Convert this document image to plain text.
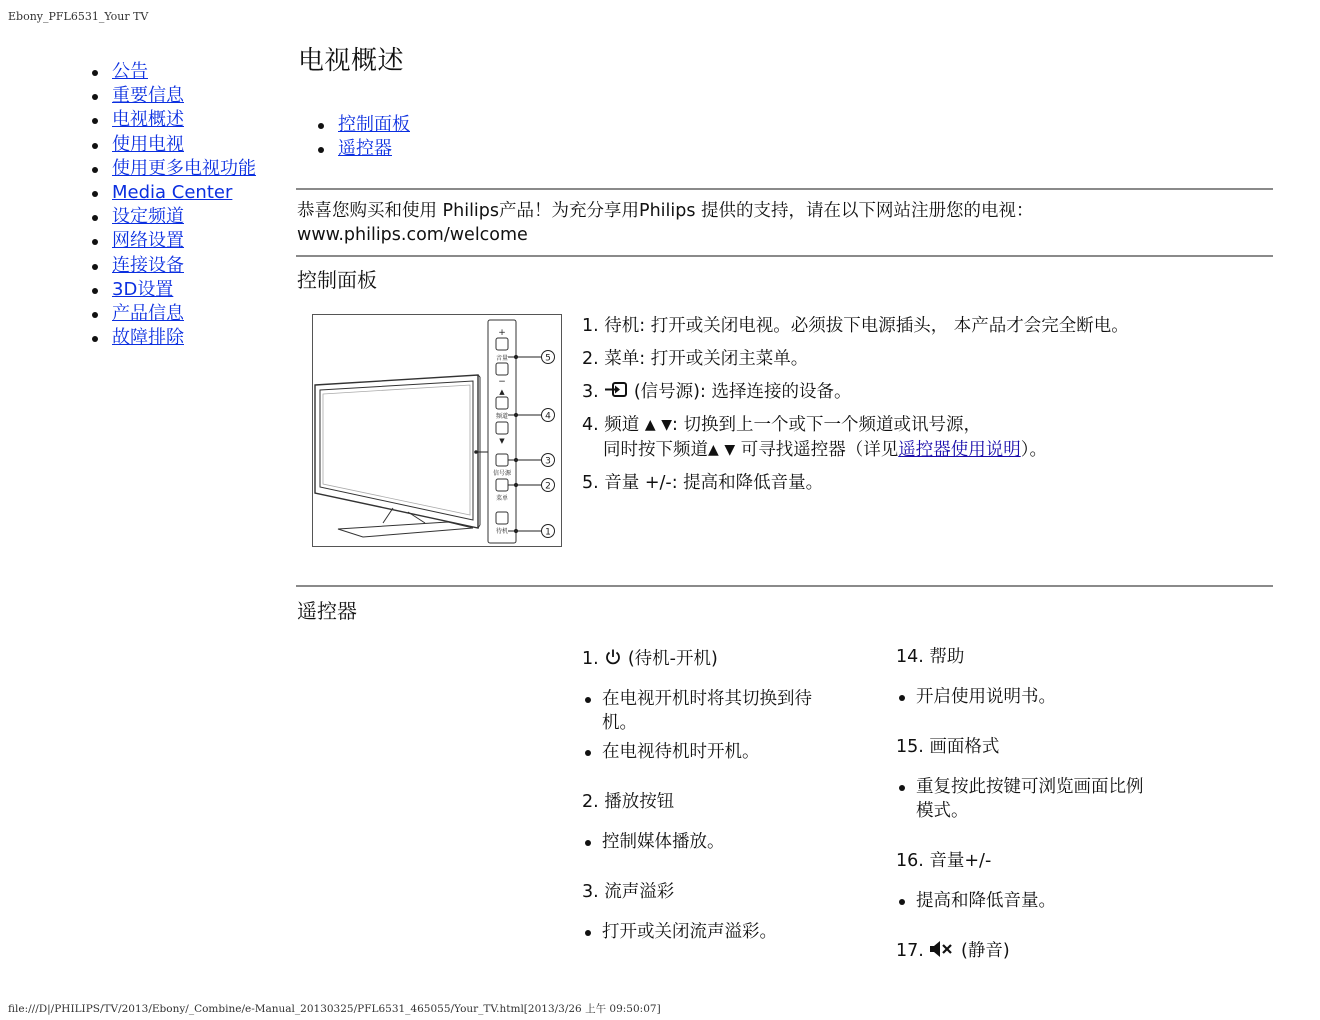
Ebony_PFL6531_Your TV
公告
重要信息
电视概述
使用电视
使用更多电视功能
Media Center
设定频道
网络设置
连接设备
3D设置
产品信息
故障排除
电视概述
控制面板
遥控器
恭喜您购买和使用 Philips产品！为充分享用Philips 提供的支持，请在以下网站注册您的电视：
www.philips.com/welcome
控制面板
+
音量
−
▲
频道
▼
信号源
菜单
待机
5
4
3
2
1
1. 待机: 打开或关闭电视。必须拔下电源插头， 本产品才会完全断电。
2. 菜单: 打开或关闭主菜单。
3. (信号源): 选择连接的设备。
4. 频道 ▲ ▼: 切换到上一个或下一个频道或讯号源，
同时按下频道▲ ▼ 可寻找遥控器（详见遥控器使用说明）。
5. 音量 +/-: 提高和降低音量。
遥控器
1. (待机-开机)
在电视开机时将其切换到待机。
在电视待机时开机。
2. 播放按钮
控制媒体播放。
3. 流声溢彩
打开或关闭流声溢彩。
14. 帮助
开启使用说明书。
15. 画面格式
重复按此按键可浏览画面比例模式。
16. 音量+/-
提高和降低音量。
17. (静音)
file:///D|/PHILIPS/TV/2013/Ebony/_Combine/e-Manual_20130325/PFL6531_465055/Your_TV.html[2013/3/26 上午 09:50:07]
